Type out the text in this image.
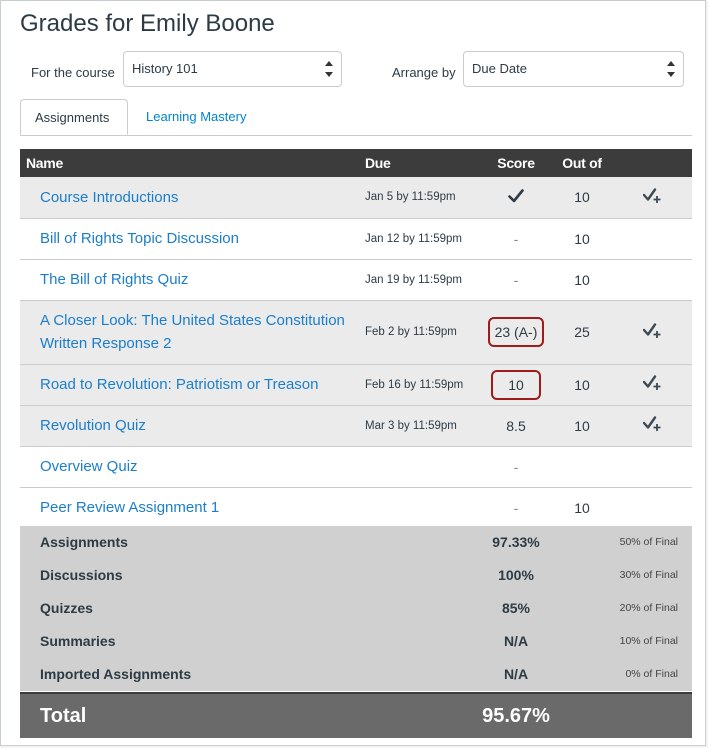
Grades for Emily Boone
For the course	History 101	Arrange by	Due Date
Assignments	Learning Mastery
Name	Due	Score	Out of	

Course Introductions	Jan 5 by 11:59pm		10	

Bill of Rights Topic Discussion	Jan 12 by 11:59pm	-	10	

The Bill of Rights Quiz	Jan 19 by 11:59pm	-	10	

A Closer Look: The United States Constitution Written Response 2	Feb 2 by 11:59pm	23 (A-)	25	

Road to Revolution: Patriotism or Treason	Feb 16 by 11:59pm	10	10	

Revolution Quiz	Mar 3 by 11:59pm	8.5	10	

Overview Quiz		-		

Peer Review Assignment 1		-	10	
Assignments	97.33%	50% of Final
Discussions	100%	30% of Final
Quizzes	85%	20% of Final
Summaries	N/A	10% of Final
Imported Assignments	N/A	0% of Final
Total	95.67%
